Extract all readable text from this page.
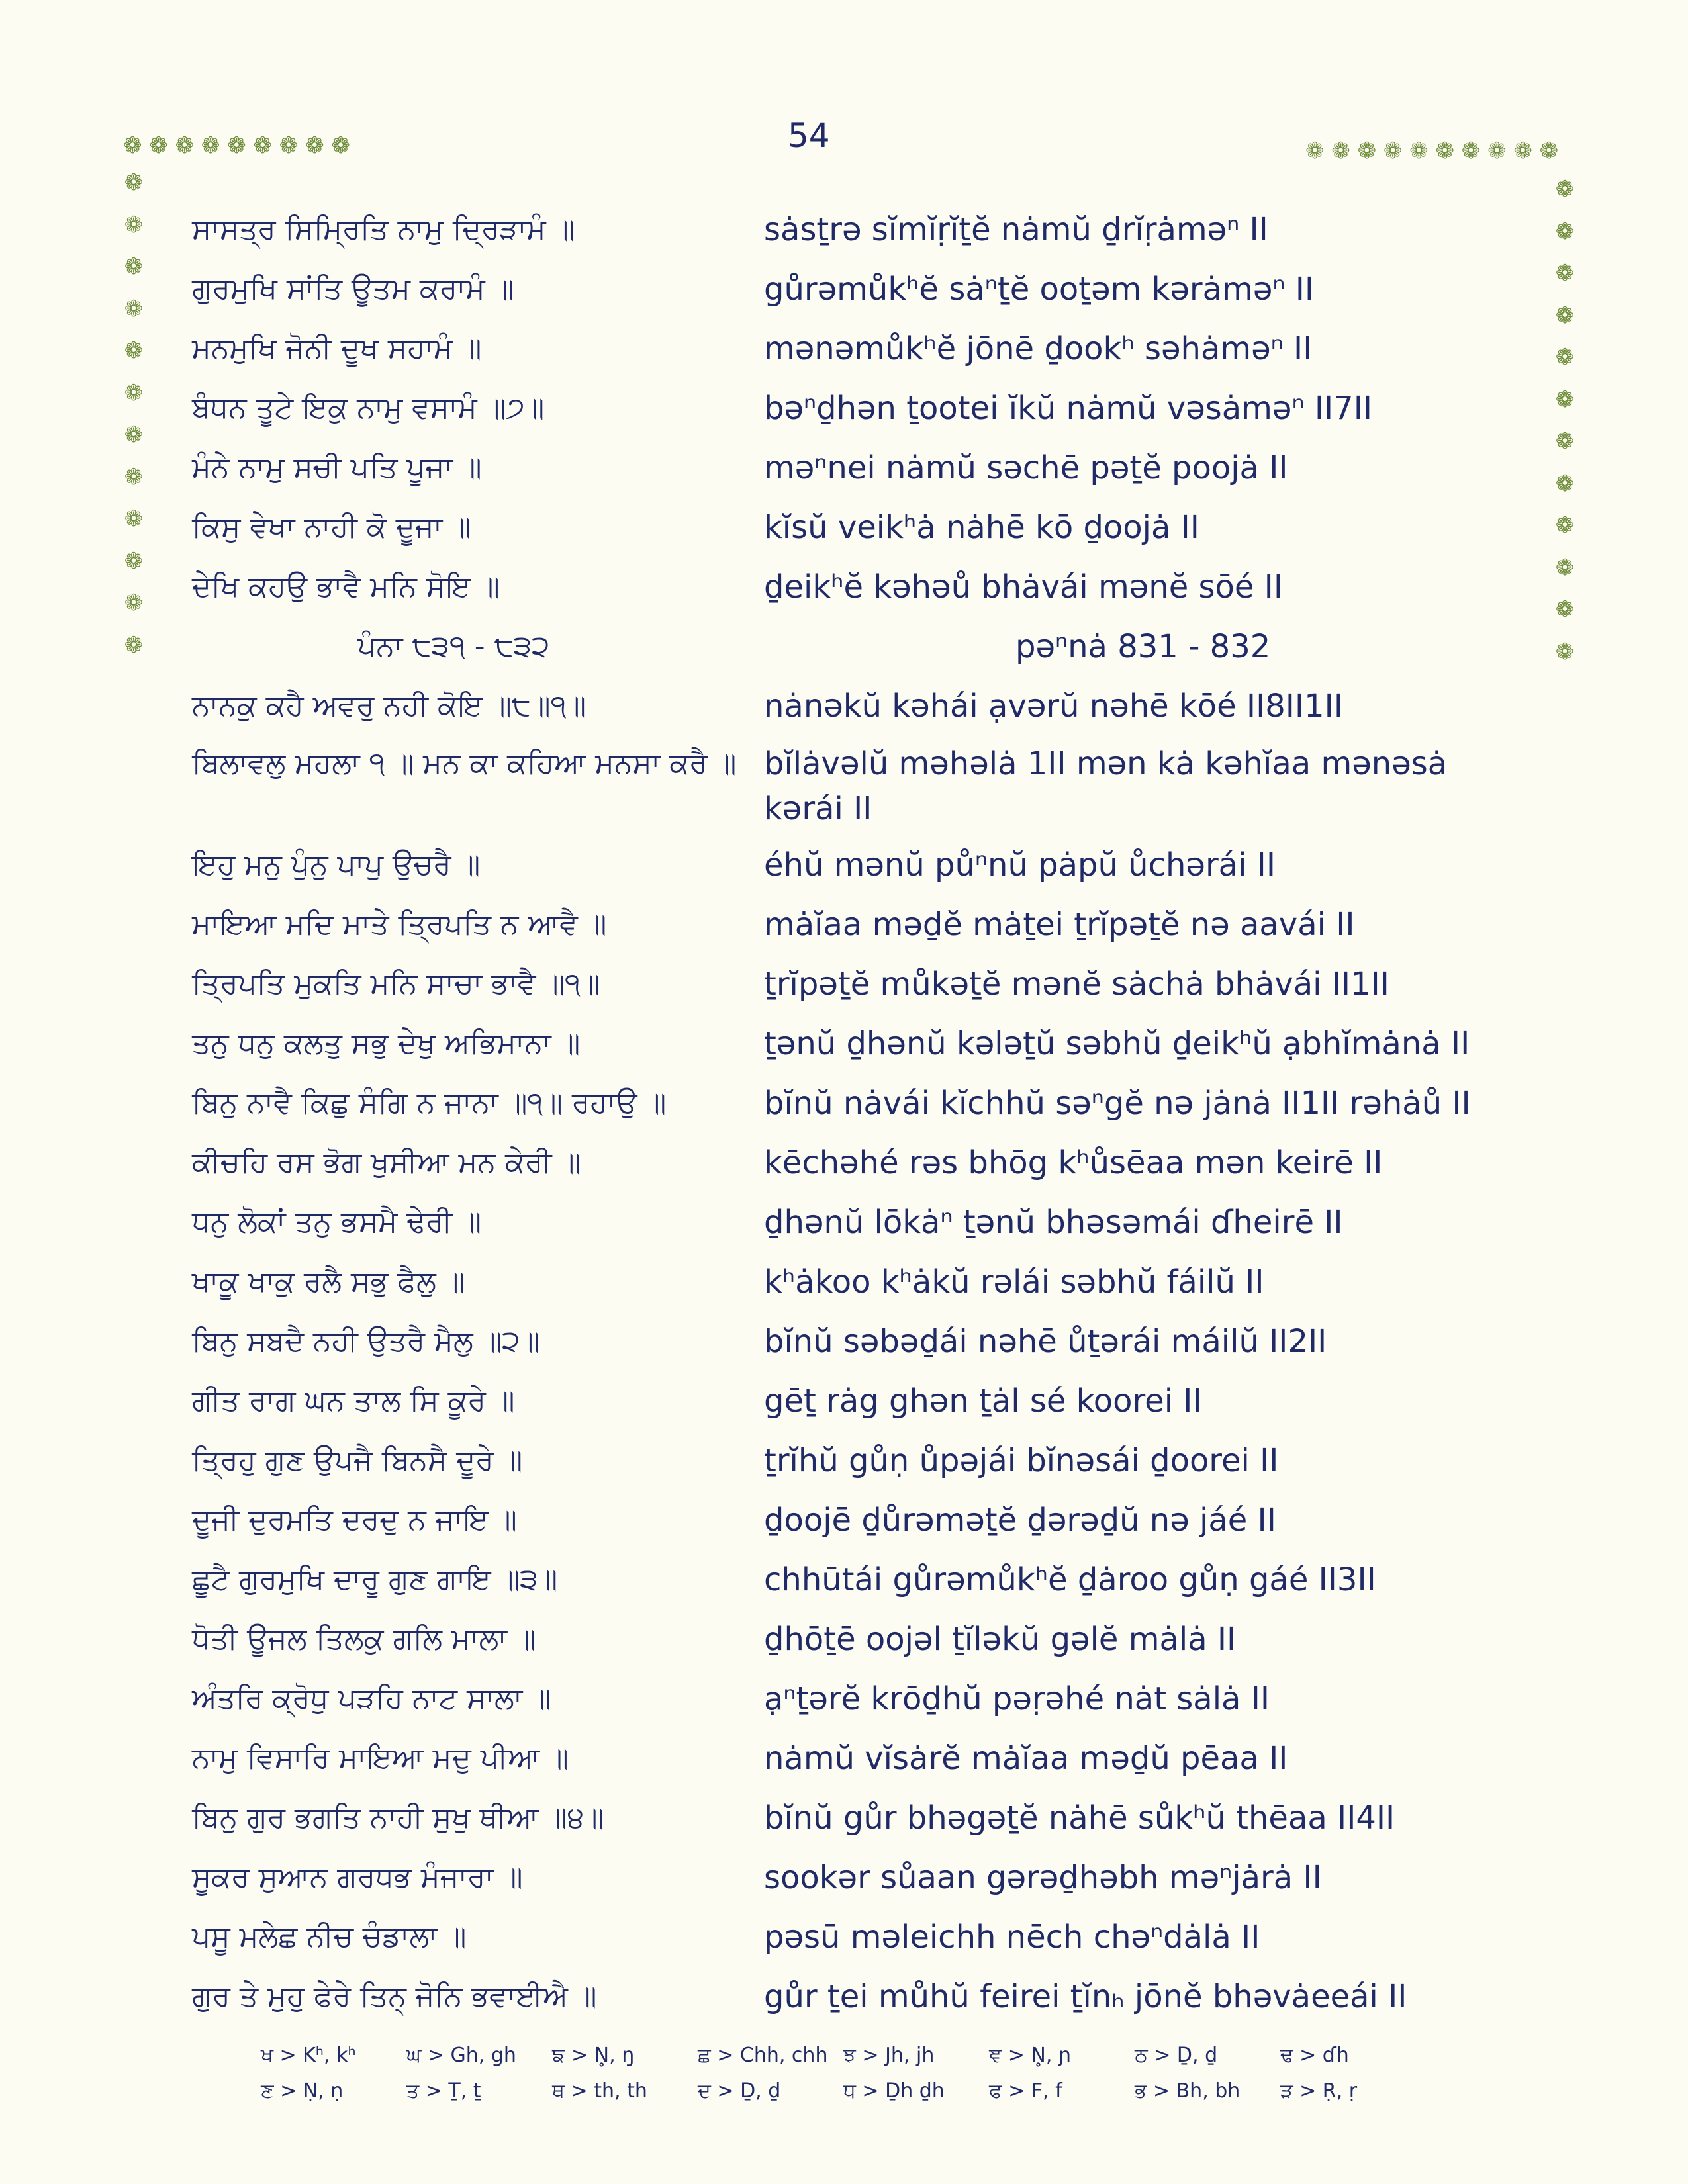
54
❁ ❁ ❁ ❁ ❁ ❁ ❁ ❁ ❁	❁ ❁ ❁ ❁ ❁ ❁ ❁ ❁ ❁ ❁
❁
❁
❁
❁
❁
❁
❁
❁
❁
❁
❁
❁
❁
❁
❁
❁
❁
❁
❁
❁
❁
❁
❁
❁
ਸਾਸਤ੍ਰ ਸਿਮ੍ਰਿਤਿ ਨਾਮੁ ਦ੍ਰਿੜਾਮੰ ॥	sȧsṯrə sĭmĭṛĭṯĕ nȧmŭ ḏrĭṛȧməⁿ II
ਗੁਰਮੁਖਿ ਸਾਂਤਿ ਊਤਮ ਕਰਾਮੰ ॥	gůrəmůkʰĕ sȧⁿṯĕ ooṯəm kərȧməⁿ II
ਮਨਮੁਖਿ ਜੋਨੀ ਦੂਖ ਸਹਾਮੰ ॥	mənəmůkʰĕ jōnē ḏookʰ səhȧməⁿ II
ਬੰਧਨ ਤੂਟੇ ਇਕੁ ਨਾਮੁ ਵਸਾਮੰ ॥੭॥	bəⁿḏhən ṯootei ĭkŭ nȧmŭ vəsȧməⁿ II7II
ਮੰਨੇ ਨਾਮੁ ਸਚੀ ਪਤਿ ਪੂਜਾ ॥	məⁿnei nȧmŭ səchē pəṯĕ poojȧ II
ਕਿਸੁ ਵੇਖਾ ਨਾਹੀ ਕੋ ਦੂਜਾ ॥	kĭsŭ veikʰȧ nȧhē kō ḏoojȧ II
ਦੇਖਿ ਕਹਉ ਭਾਵੈ ਮਨਿ ਸੋਇ ॥	ḏeikʰĕ kəhəů bhȧvái mənĕ sōé II
ਪੰਨਾ ੮੩੧ - ੮੩੨	pəⁿnȧ 831 - 832
ਨਾਨਕੁ ਕਹੈ ਅਵਰੁ ਨਹੀ ਕੋਇ ॥੮॥੧॥	nȧnəkŭ kəhái ạvərŭ nəhē kōé II8II1II
ਬਿਲਾਵਲੁ ਮਹਲਾ ੧ ॥ ਮਨ ਕਾ ਕਹਿਆ ਮਨਸਾ ਕਰੈ ॥ bĭlȧvəlŭ məhəlȧ 1II mən kȧ kəhĭaa mənəsȧ kərái II
ਇਹੁ ਮਨੁ ਪੁੰਨੁ ਪਾਪੁ ਉਚਰੈ ॥	éhŭ mənŭ půⁿnŭ pȧpŭ ůchərái II
ਮਾਇਆ ਮਦਿ ਮਾਤੇ ਤ੍ਰਿਪਤਿ ਨ ਆਵੈ ॥	mȧĭaa məḏĕ mȧṯei ṯrĭpəṯĕ nə aavái II
ਤ੍ਰਿਪਤਿ ਮੁਕਤਿ ਮਨਿ ਸਾਚਾ ਭਾਵੈ ॥੧॥	ṯrĭpəṯĕ můkəṯĕ mənĕ sȧchȧ bhȧvái II1II
ਤਨੁ ਧਨੁ ਕਲਤੁ ਸਭੁ ਦੇਖੁ ਅਭਿਮਾਨਾ ॥	ṯənŭ ḏhənŭ kələṯŭ səbhŭ ḏeikʰŭ ạbhĭmȧnȧ II
ਬਿਨੁ ਨਾਵੈ ਕਿਛੁ ਸੰਗਿ ਨ ਜਾਨਾ ॥੧॥ ਰਹਾਉ ॥	bĭnŭ nȧvái kĭchhŭ səⁿgĕ nə jȧnȧ II1II rəhȧů II
ਕੀਚਹਿ ਰਸ ਭੋਗ ਖੁਸੀਆ ਮਨ ਕੇਰੀ ॥	kēchəhé rəs bhōg kʰůsēaa mən keirē II
ਧਨੁ ਲੋਕਾਂ ਤਨੁ ਭਸਮੈ ਢੇਰੀ ॥	ḏhənŭ lōkȧⁿ ṯənŭ bhəsəmái ɗheirē II
ਖਾਕੂ ਖਾਕੁ ਰਲੈ ਸਭੁ ਫੈਲੁ ॥	kʰȧkoo kʰȧkŭ rəlái səbhŭ fáilŭ II
ਬਿਨੁ ਸਬਦੈ ਨਹੀ ਉਤਰੈ ਮੈਲੁ ॥੨॥	bĭnŭ səbəḏái nəhē ůṯərái máilŭ II2II
ਗੀਤ ਰਾਗ ਘਨ ਤਾਲ ਸਿ ਕੂਰੇ ॥	gēṯ rȧg ghən ṯȧl sé koorei II
ਤ੍ਰਿਹੁ ਗੁਣ ਉਪਜੈ ਬਿਨਸੈ ਦੂਰੇ ॥	ṯrĭhŭ gůṇ ůpəjái bĭnəsái ḏoorei II
ਦੂਜੀ ਦੁਰਮਤਿ ਦਰਦੁ ਨ ਜਾਇ ॥	ḏoojē ḏůrəməṯĕ ḏərəḏŭ nə jáé II
ਛੂਟੈ ਗੁਰਮੁਖਿ ਦਾਰੂ ਗੁਣ ਗਾਇ ॥੩॥	chhūtái gůrəmůkʰĕ ḏȧroo gůṇ gáé II3II
ਧੋਤੀ ਊਜਲ ਤਿਲਕੁ ਗਲਿ ਮਾਲਾ ॥	ḏhōṯē oojəl ṯĭləkŭ gəlĕ mȧlȧ II
ਅੰਤਰਿ ਕ੍ਰੋਧੁ ਪੜਹਿ ਨਾਟ ਸਾਲਾ ॥	ạⁿṯərĕ krōḏhŭ pəṛəhé nȧt sȧlȧ II
ਨਾਮੁ ਵਿਸਾਰਿ ਮਾਇਆ ਮਦੁ ਪੀਆ ॥	nȧmŭ vĭsȧrĕ mȧĭaa məḏŭ pēaa II
ਬਿਨੁ ਗੁਰ ਭਗਤਿ ਨਾਹੀ ਸੁਖੁ ਥੀਆ ॥੪॥	bĭnŭ gůr bhəgəṯĕ nȧhē sůkʰŭ thēaa II4II
ਸੂਕਰ ਸੁਆਨ ਗਰਧਭ ਮੰਜਾਰਾ ॥	sookər sůaan gərəḏhəbh məⁿjȧrȧ II
ਪਸੂ ਮਲੇਛ ਨੀਚ ਚੰਡਾਲਾ ॥	pəsū məleichh nēch chəⁿdȧlȧ II
ਗੁਰ ਤੇ ਮੁਹੁ ਫੇਰੇ ਤਿਨ੍ ਜੋਨਿ ਭਵਾਈਐ ॥	gůr ṯei můhŭ feirei ṯĭnₕ jōnĕ bhəvȧeeái II
ਖ > Kʰ, kʰ	ਘ > Gh, gh	ਙ > N̥, ŋ	ਛ > Chh, chh ਝ > Jh, jh	ਞ > N̥, ɲ	ਠ > Ḏ, ḏ	ਢ > ɗh
ਣ > Ṇ, ṇ	ਤ > Ṯ, ṯ	ਥ > th, th	ਦ > Ḏ, ḏ	ਧ > Ḏh ḏh	ਫ > F, f	ਭ > Bh, bh	ੜ > Ṛ, ṛ
